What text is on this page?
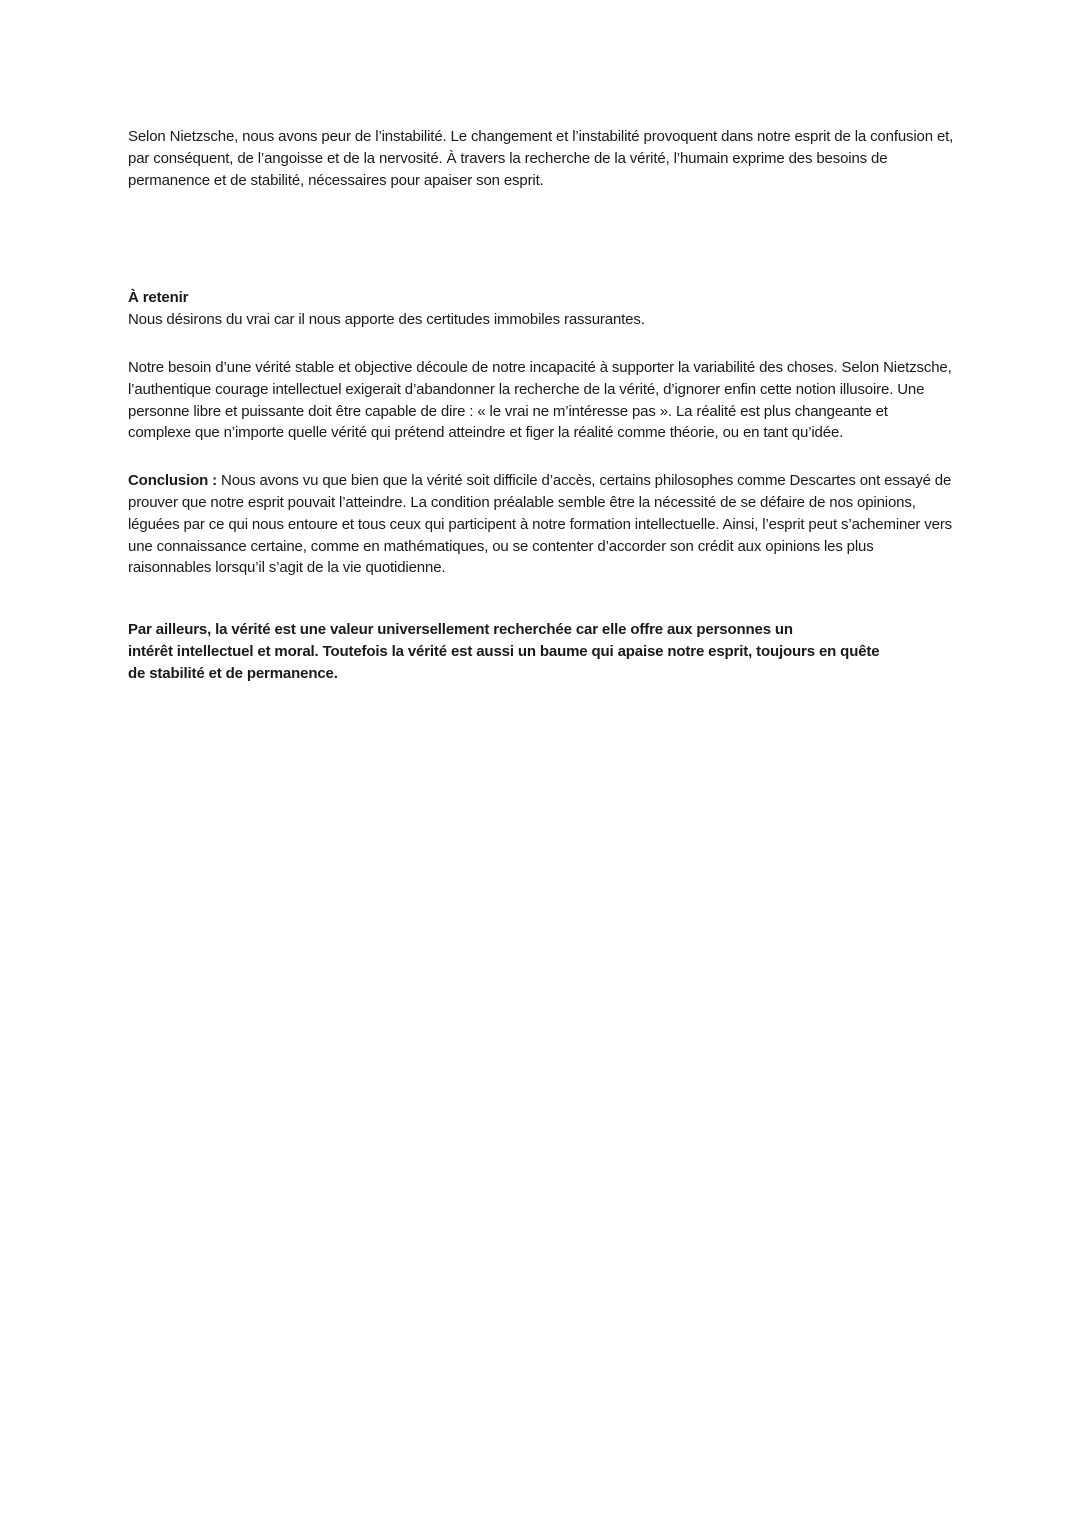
Selon Nietzsche, nous avons peur de l’instabilité. Le changement et l’instabilité provoquent dans notre esprit de la confusion et, par conséquent, de l’angoisse et de la nervosité. À travers la recherche de la vérité, l’humain exprime des besoins de permanence et de stabilité, nécessaires pour apaiser son esprit.

À retenir

Nous désirons du vrai car il nous apporte des certitudes immobiles rassurantes.

Notre besoin d’une vérité stable et objective découle de notre incapacité à supporter la variabilité des choses. Selon Nietzsche, l’authentique courage intellectuel exigerait d’abandonner la recherche de la vérité, d’ignorer enfin cette notion illusoire. Une personne libre et puissante doit être capable de dire : « le vrai ne m’intéresse pas ». La réalité est plus changeante et complexe que n’importe quelle vérité qui prétend atteindre et figer la réalité comme théorie, ou en tant qu’idée.

Conclusion : Nous avons vu que bien que la vérité soit difficile d’accès, certains philosophes comme Descartes ont essayé de prouver que notre esprit pouvait l’atteindre. La condition préalable semble être la nécessité de se défaire de nos opinions, léguées par ce qui nous entoure et tous ceux qui participent à notre formation intellectuelle. Ainsi, l’esprit peut s’acheminer vers une connaissance certaine, comme en mathématiques, ou se contenter d’accorder son crédit aux opinions les plus raisonnables lorsqu’il s’agit de la vie quotidienne.

Par ailleurs, la vérité est une valeur universellement recherchée car elle offre aux personnes un
intérêt intellectuel et moral. Toutefois la vérité est aussi un baume qui apaise notre esprit, toujours en quête
de stabilité et de permanence.
